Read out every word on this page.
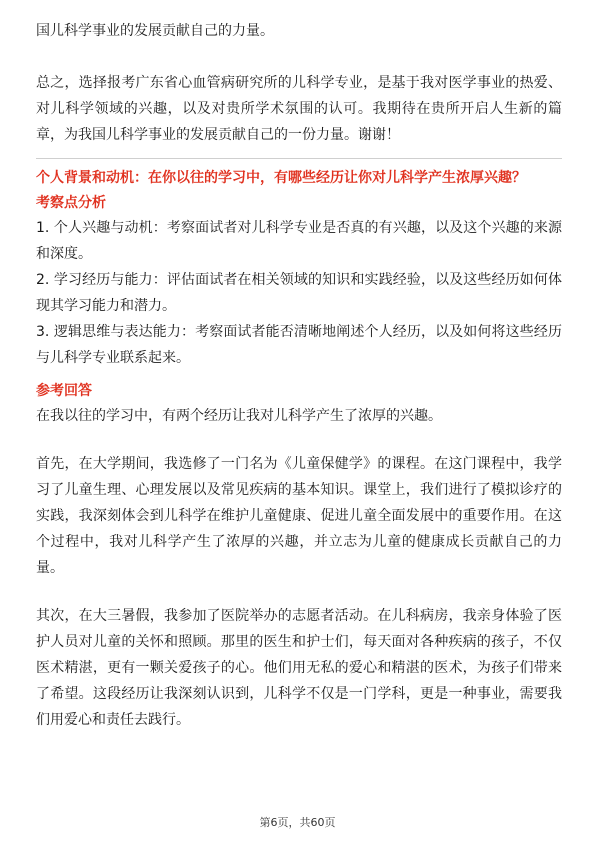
国儿科学事业的发展贡献自己的力量。

总之，选择报考广东省心血管病研究所的儿科学专业，是基于我对医学事业的热爱、对儿科学领域的兴趣，以及对贵所学术氛围的认可。我期待在贵所开启人生新的篇章，为我国儿科学事业的发展贡献自己的一份力量。谢谢！

个人背景和动机：在你以往的学习中，有哪些经历让你对儿科学产生浓厚兴趣？
考察点分析

1. 个人兴趣与动机：考察面试者对儿科学专业是否真的有兴趣，以及这个兴趣的来源和深度。

2. 学习经历与能力：评估面试者在相关领域的知识和实践经验，以及这些经历如何体现其学习能力和潜力。

3. 逻辑思维与表达能力：考察面试者能否清晰地阐述个人经历，以及如何将这些经历与儿科学专业联系起来。

参考回答

在我以往的学习中，有两个经历让我对儿科学产生了浓厚的兴趣。

首先，在大学期间，我选修了一门名为《儿童保健学》的课程。在这门课程中，我学习了儿童生理、心理发展以及常见疾病的基本知识。课堂上，我们进行了模拟诊疗的实践，我深刻体会到儿科学在维护儿童健康、促进儿童全面发展中的重要作用。在这个过程中，我对儿科学产生了浓厚的兴趣，并立志为儿童的健康成长贡献自己的力量。

其次，在大三暑假，我参加了医院举办的志愿者活动。在儿科病房，我亲身体验了医护人员对儿童的关怀和照顾。那里的医生和护士们，每天面对各种疾病的孩子，不仅医术精湛，更有一颗关爱孩子的心。他们用无私的爱心和精湛的医术，为孩子们带来了希望。这段经历让我深刻认识到，儿科学不仅是一门学科，更是一种事业，需要我们用爱心和责任去践行。

第6页，共60页
